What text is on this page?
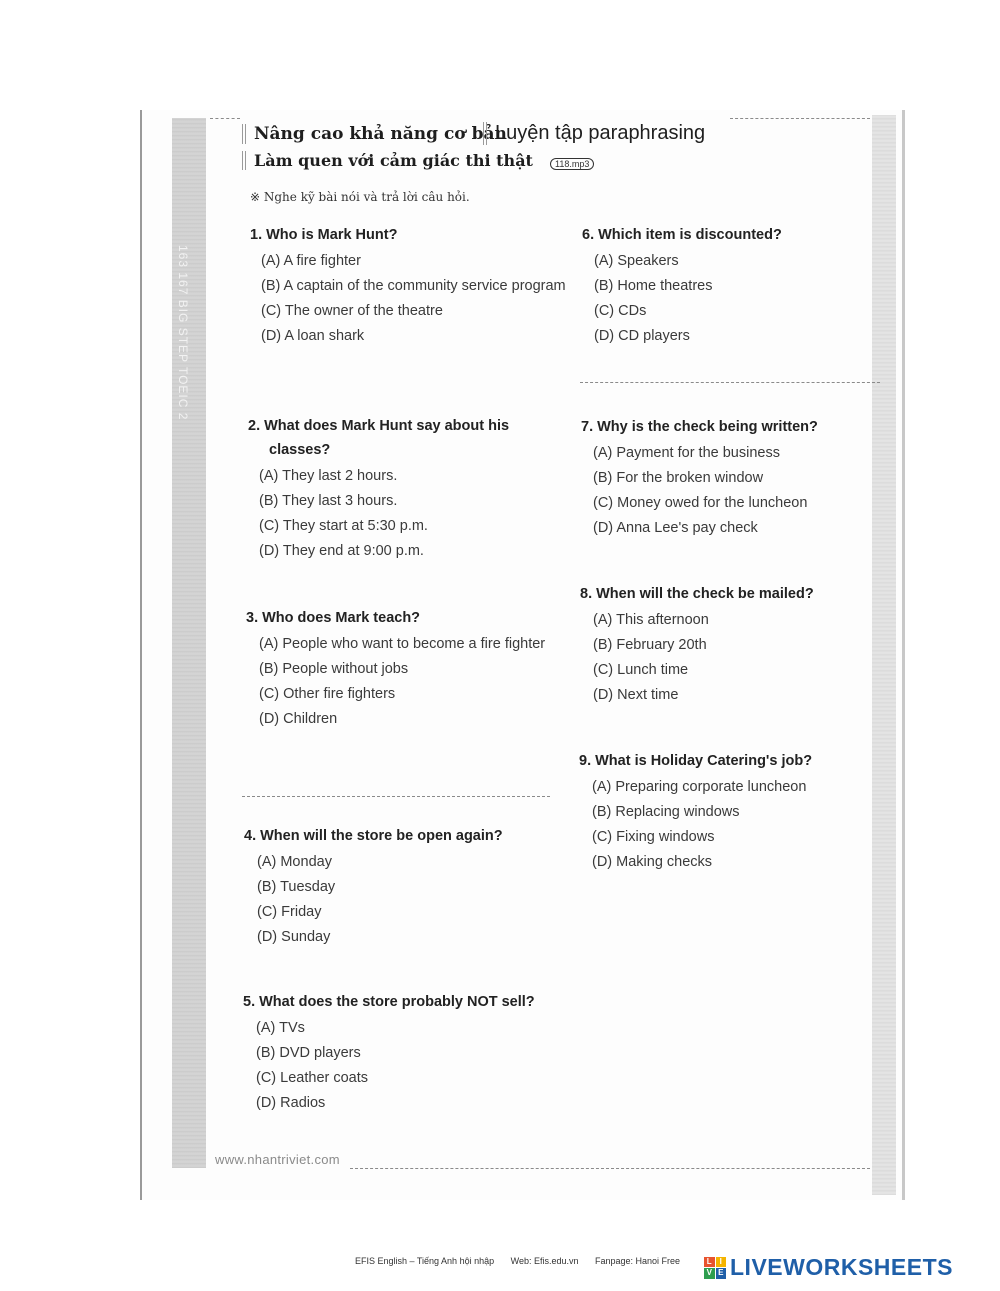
163 167 BIG STEP TOEIC 2
Nâng cao khả năng cơ bản
Luyện tập paraphrasing
Làm quen với cảm giác thi thật	118.mp3
※ Nghe kỹ bài nói và trả lời câu hỏi.
1. Who is Mark Hunt?
(A) A fire fighter
(B) A captain of the community service program
(C) The owner of the theatre
(D) A loan shark
2. What does Mark Hunt say about his classes?
(A) They last 2 hours.
(B) They last 3 hours.
(C) They start at 5:30 p.m.
(D) They end at 9:00 p.m.
3. Who does Mark teach?
(A) People who want to become a fire fighter
(B) People without jobs
(C) Other fire fighters
(D) Children
4. When will the store be open again?
(A) Monday
(B) Tuesday
(C) Friday
(D) Sunday
5. What does the store probably NOT sell?
(A) TVs
(B) DVD players
(C) Leather coats
(D) Radios
6. Which item is discounted?
(A) Speakers
(B) Home theatres
(C) CDs
(D) CD players
7. Why is the check being written?
(A) Payment for the business
(B) For the broken window
(C) Money owed for the luncheon
(D) Anna Lee's pay check
8. When will the check be mailed?
(A) This afternoon
(B) February 20th
(C) Lunch time
(D) Next time
9. What is Holiday Catering's job?
(A) Preparing corporate luncheon
(B) Replacing windows
(C) Fixing windows
(D) Making checks
www.nhantriviet.com
EFIS English – Tiếng Anh hội nhập Web: Efis.edu.vn Fanpage: Hanoi Free	L I
V E LIVEWORKSHEETS
